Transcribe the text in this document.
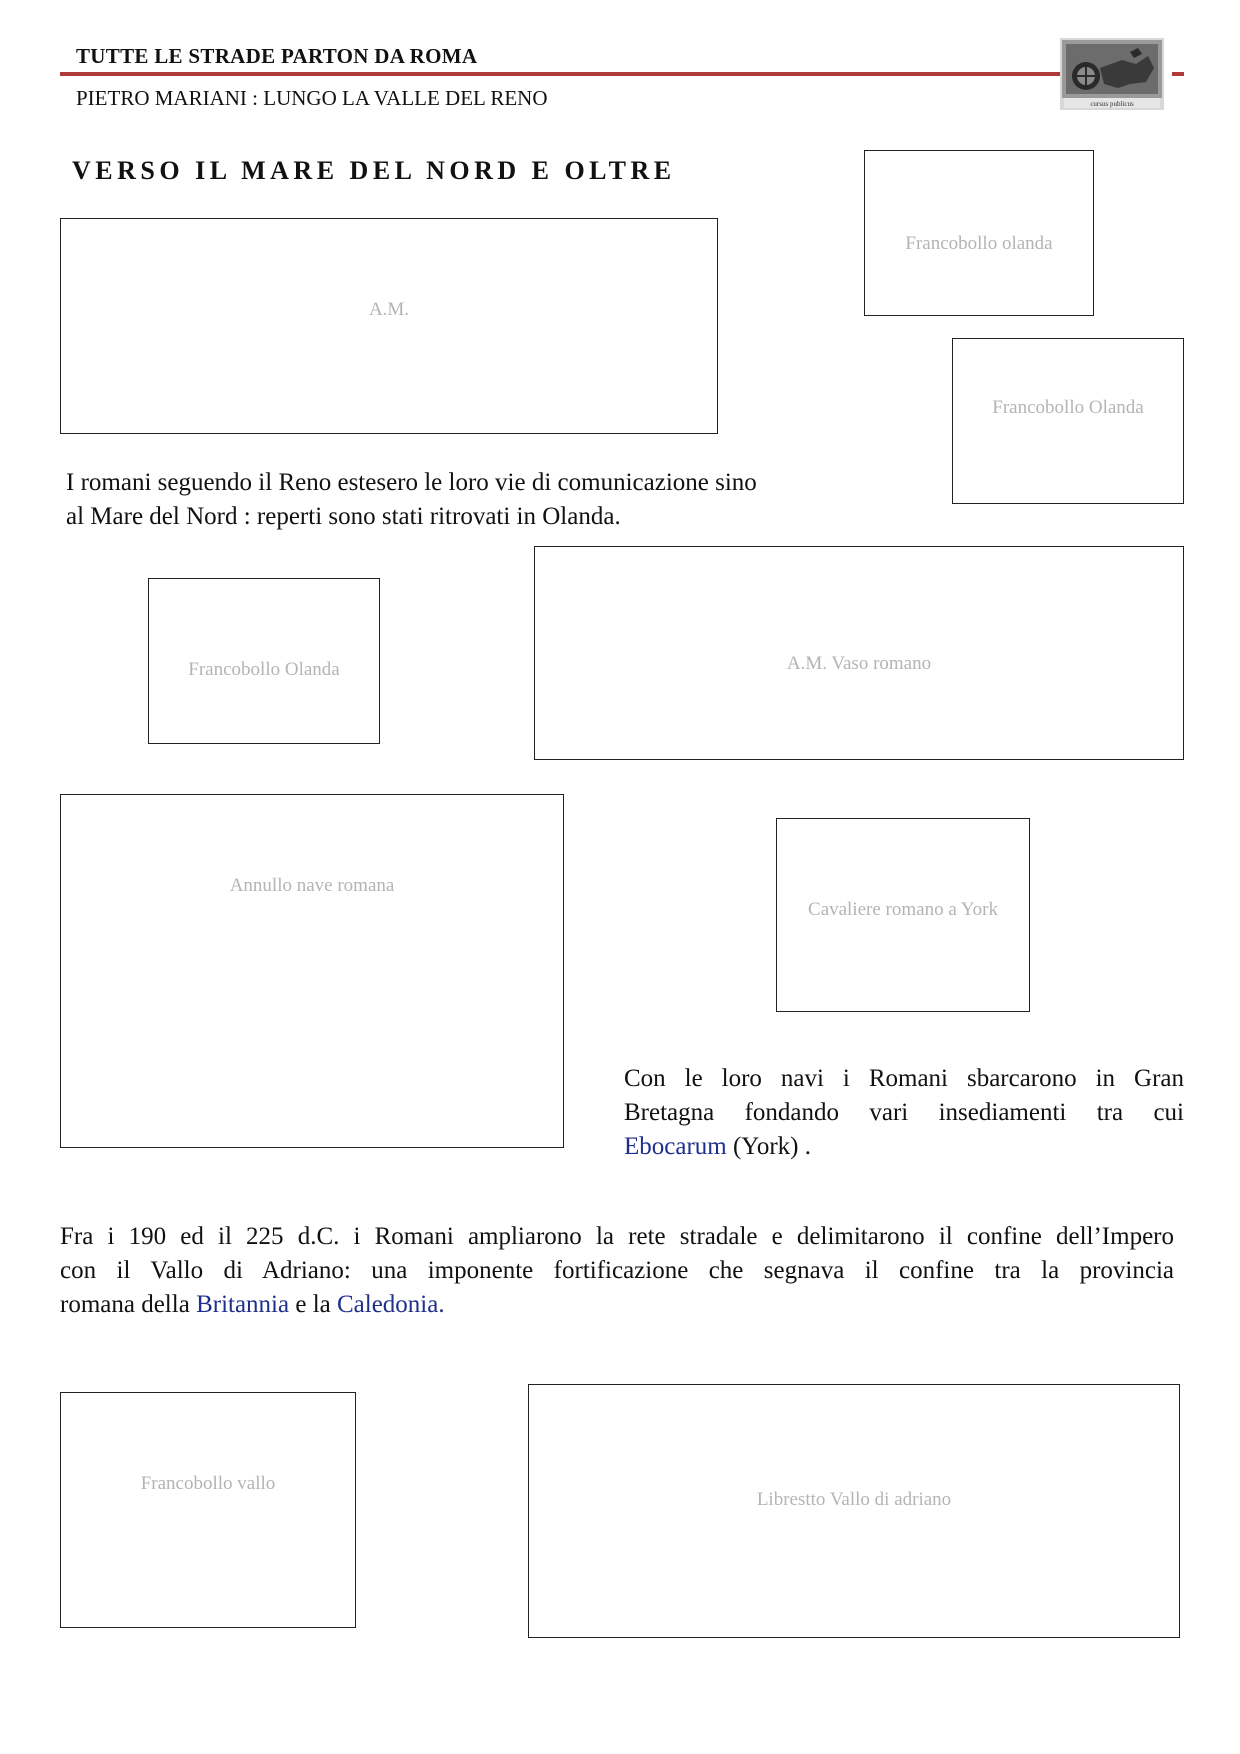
TUTTE LE STRADE PARTON DA ROMA
PIETRO MARIANI : LUNGO LA VALLE DEL RENO	cursus publicus
VERSO IL MARE DEL NORD E OLTRE
A.M.
Francobollo olanda
Francobollo Olanda
Francobollo Olanda	A.M. Vaso romano
Annullo nave romana
Cavaliere romano a York
Francobollo vallo
Librestto Vallo di adriano
I romani seguendo il Reno estesero le loro vie di comunicazione sino
al Mare del Nord : reperti sono stati ritrovati in Olanda.
Con le loro navi i Romani sbarcarono in Gran
Bretagna fondando vari insediamenti tra cui
Ebocarum (York) .
Fra i 190 ed il 225 d.C. i Romani ampliarono la rete stradale e delimitarono il confine dell’Impero
con il Vallo di Adriano: una imponente fortificazione che segnava il confine tra la provincia
romana della Britannia e la Caledonia.
